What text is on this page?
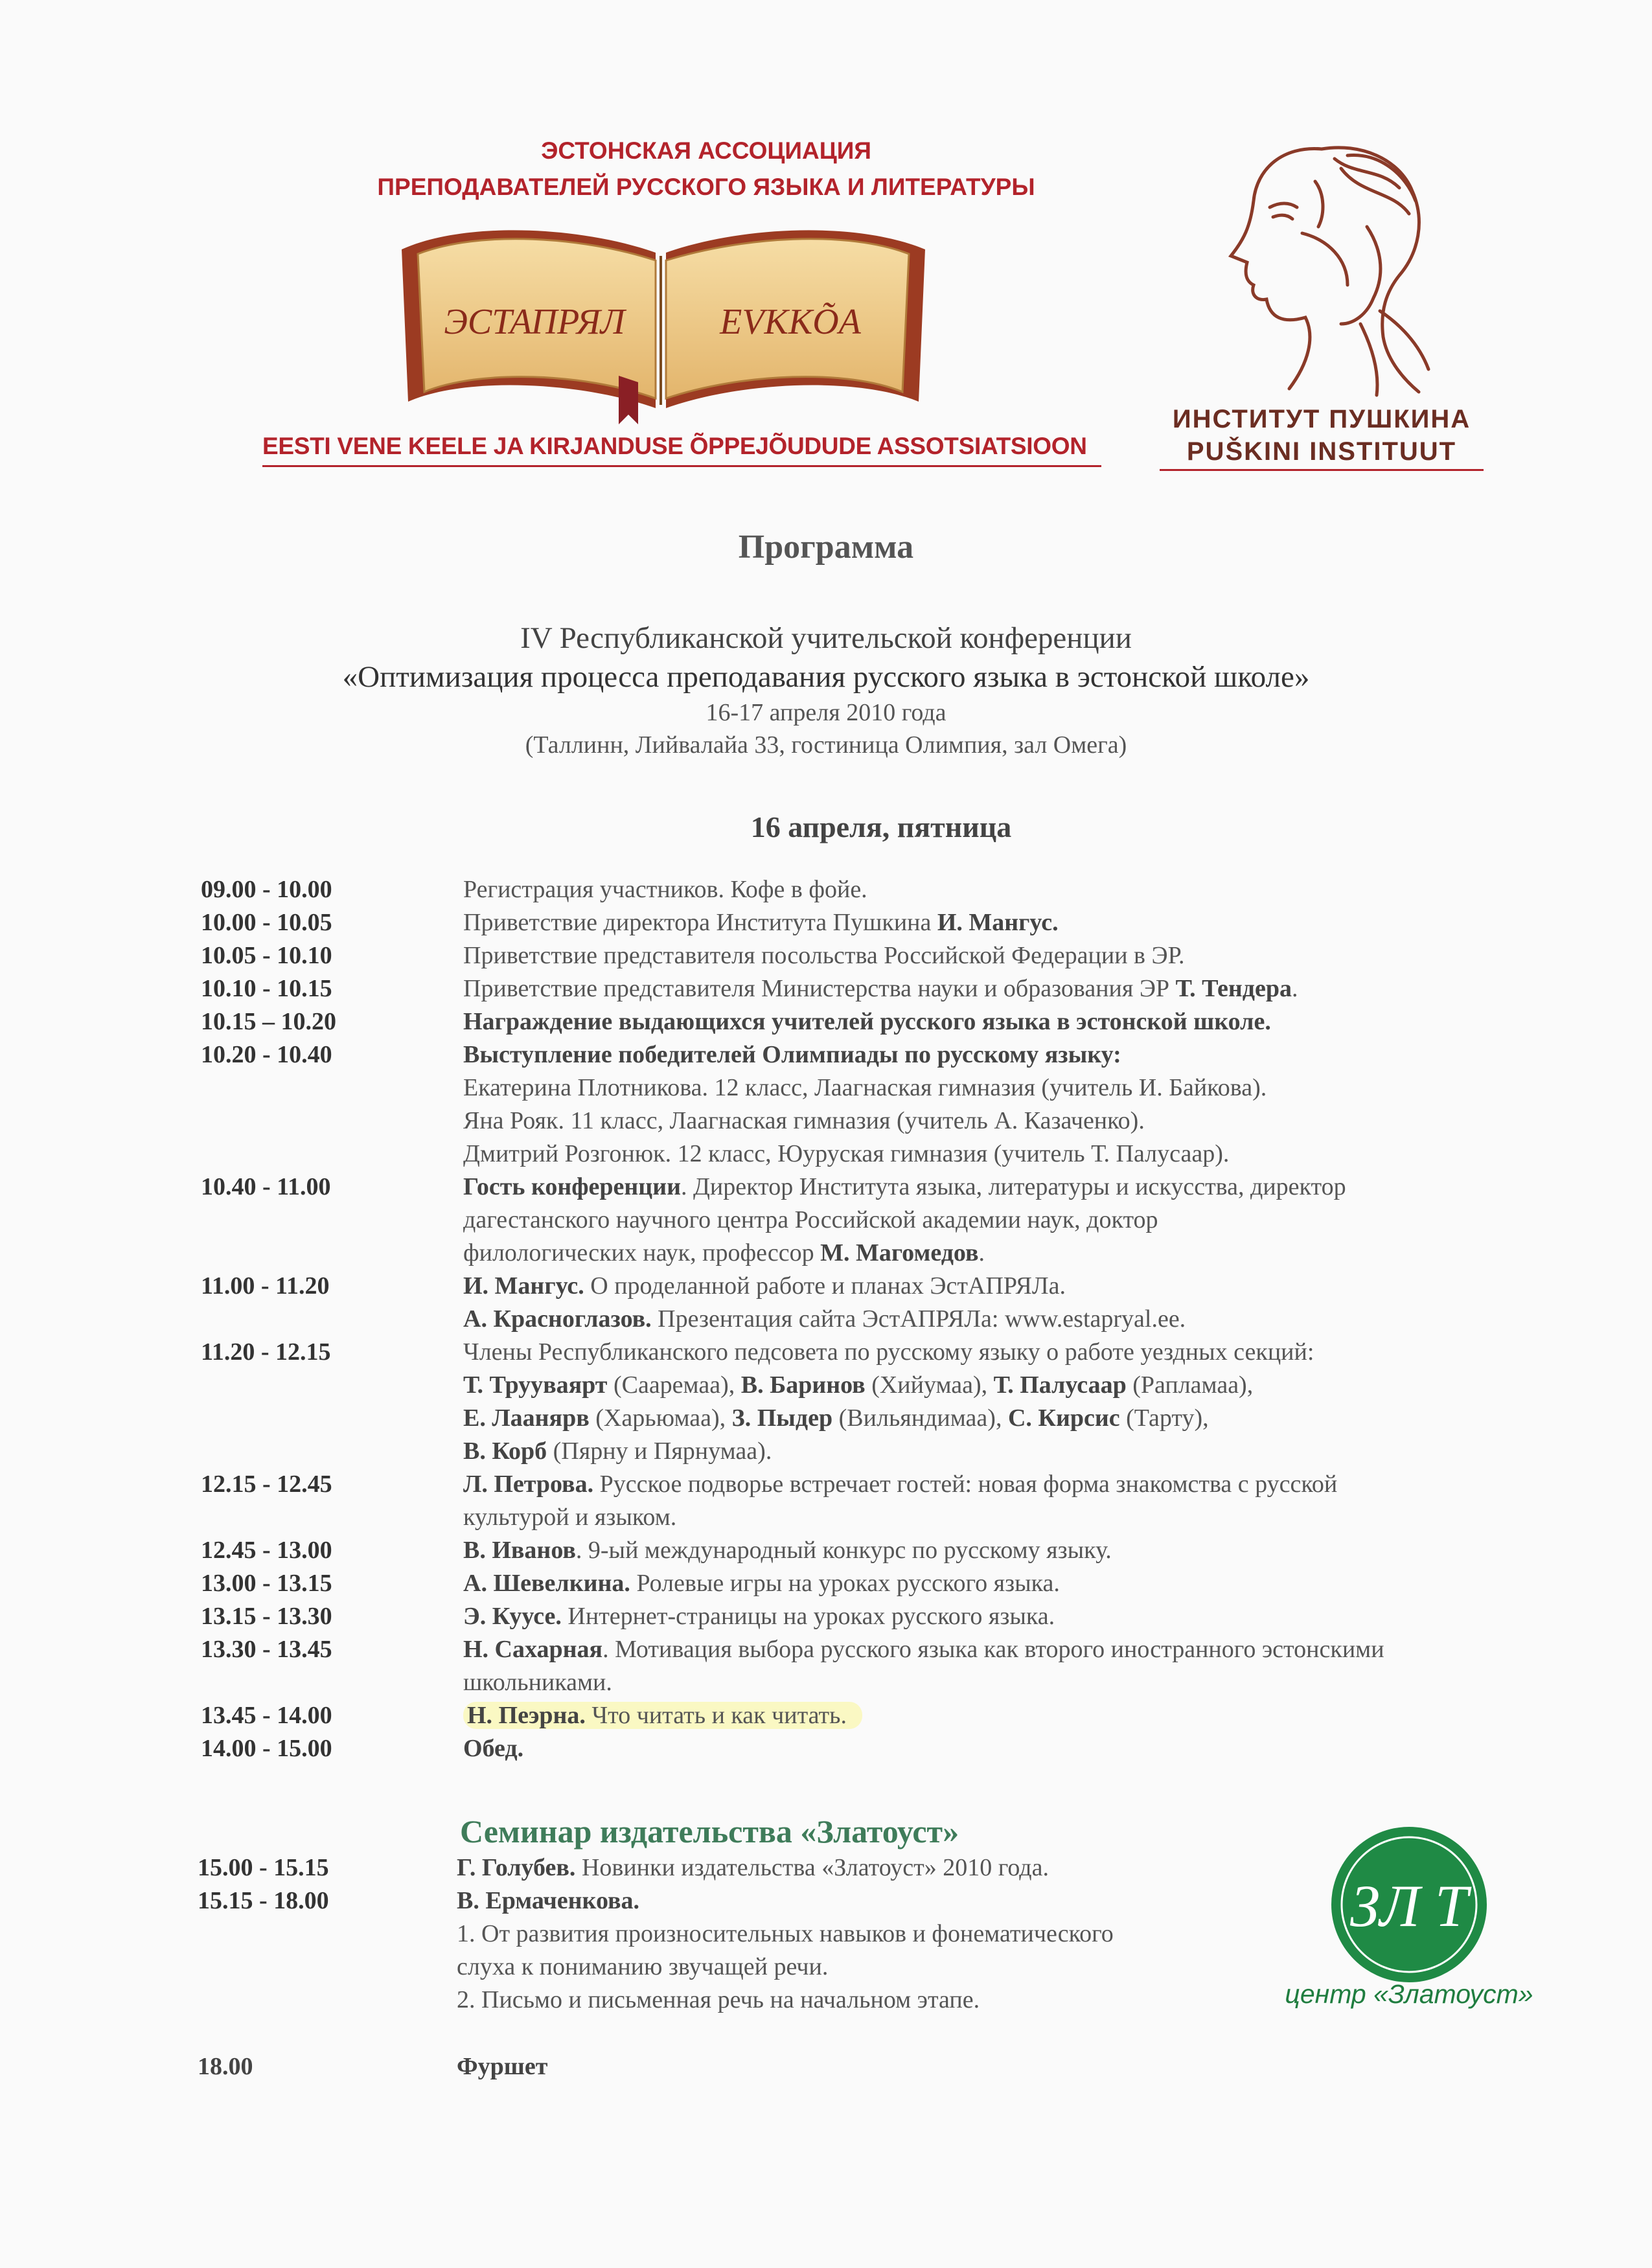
ЭСТОНСКАЯ АССОЦИАЦИЯ
ПРЕПОДАВАТЕЛЕЙ РУССКОГО ЯЗЫКА И ЛИТЕРАТУРЫ
ЭСТАПРЯЛ	EVKKÕA
EESTI VENE KEELE JA KIRJANDUSE ÕPPEJÕUDUDE ASSOTSIATSIOON
ИНСТИТУТ ПУШКИНА
PUŠKINI INSTITUUT
Программа
IV Республиканской учительской конференции
«Оптимизация процесса преподавания русского языка в эстонской школе»
16-17 апреля 2010 года
(Таллинн, Лийвалайа 33, гостиница Олимпия, зал Омега)
16 апреля, пятница
09.00 - 10.00	Регистрация участников. Кофе в фойе.
10.00 - 10.05	Приветствие директора Института Пушкина И. Мангус.
10.05 - 10.10	Приветствие представителя посольства Российской Федерации в ЭР.
10.10 - 10.15	Приветствие представителя Министерства науки и образования ЭР Т. Тендера.
10.15 – 10.20	Награждение выдающихся учителей русского языка в эстонской школе.
10.20 - 10.40	Выступление победителей Олимпиады по русскому языку:
Екатерина Плотникова. 12 класс, Лаагнаская гимназия (учитель И. Байкова).
Яна Рояк. 11 класс, Лаагнаская гимназия (учитель А. Казаченко).
Дмитрий Розгонюк. 12 класс, Юуруская гимназия (учитель Т. Палусаар).
10.40 - 11.00	Гость конференции. Директор Института языка, литературы и искусства, директор
дагестанского научного центра Российской академии наук, доктор
филологических наук, профессор М. Магомедов.
11.00 - 11.20	И. Мангус. О проделанной работе и планах ЭстАПРЯЛа.
А. Красноглазов. Презентация сайта ЭстАПРЯЛа: www.estapryal.ee.
11.20 - 12.15	Члены Республиканского педсовета по русскому языку о работе уездных секций:
Т. Трууваярт (Сааремаа), В. Баринов (Хийумаа), Т. Палусаар (Рапламаа),
Е. Лаанярв (Харьюмаа), З. Пыдер (Вильяндимаа), С. Кирсис (Тарту),
В. Корб (Пярну и Пярнумаа).
12.15 - 12.45	Л. Петрова. Русское подворье встречает гостей: новая форма знакомства с русской
культурой и языком.
12.45 - 13.00	В. Иванов. 9-ый международный конкурс по русскому языку.
13.00 - 13.15	А. Шевелкина. Ролевые игры на уроках русского языка.
13.15 - 13.30	Э. Куусе. Интернет-страницы на уроках русского языка.
13.30 - 13.45	Н. Сахарная. Мотивация выбора русского языка как второго иностранного эстонскими
школьниками.
13.45 - 14.00	Н. Пеэрна. Что читать и как читать.
14.00 - 15.00	Обед.
Семинар издательства «Златоуст»
15.00 - 15.15	Г. Голубев. Новинки издательства «Златоуст» 2010 года.
15.15 - 18.00	В. Ермаченкова.
1. От развития произносительных навыков и фонематического
слуха к пониманию звучащей речи.
2. Письмо и письменная речь на начальном этапе.
18.00	Фуршет
ЗЛ Т
центр «Златоуст»
